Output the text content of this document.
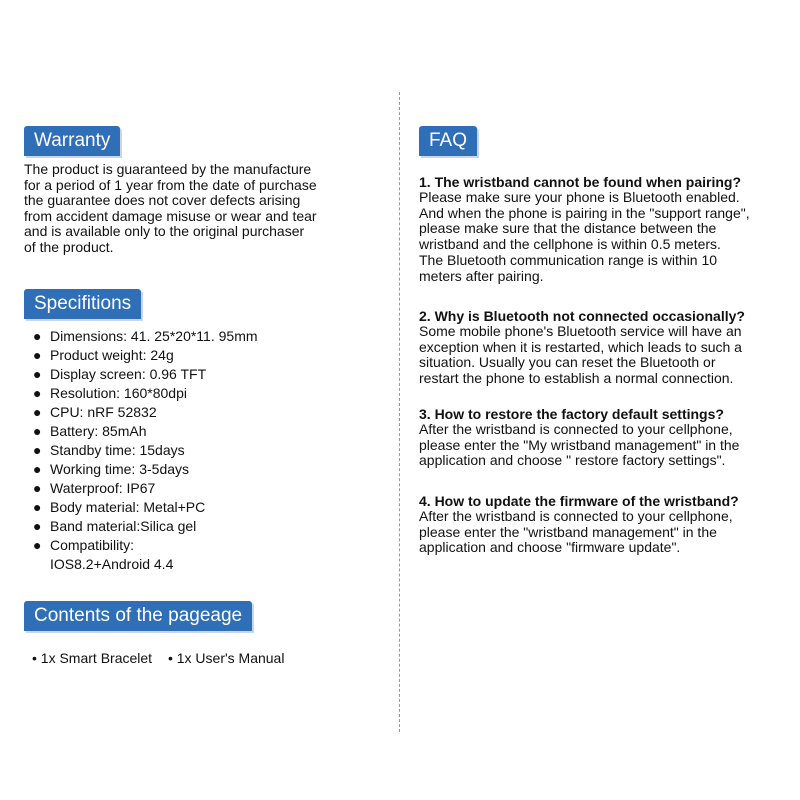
Warranty

The product is guaranteed by the manufacture
for a period of 1 year from the date of purchase
the guarantee does not cover defects arising
from accident damage misuse or wear and tear
and is available only to the original purchaser
of the product.

Specifitions
● Dimensions: 41. 25*20*11. 95mm
● Product weight: 24g
● Display screen: 0.96 TFT
● Resolution: 160*80dpi
● CPU: nRF 52832
● Battery: 85mAh
● Standby time: 15days
● Working time: 3-5days
● Waterproof: IP67
● Body material: Metal+PC
● Band material:Silica gel
● Compatibility:
IOS8.2+Android 4.4
Contents of the pageage
• 1x Smart Bracelet • 1x User's Manual
FAQ

1. The wristband cannot be found when pairing?

Please make sure your phone is Bluetooth enabled.
And when the phone is pairing in the "support range",
please make sure that the distance between the
wristband and the cellphone is within 0.5 meters.
The Bluetooth communication range is within 10
meters after pairing.

2. Why is Bluetooth not connected occasionally?

Some mobile phone's Bluetooth service will have an
exception when it is restarted, which leads to such a
situation. Usually you can reset the Bluetooth or
restart the phone to establish a normal connection.

3. How to restore the factory default settings?

After the wristband is connected to your cellphone,
please enter the "My wristband management" in the
application and choose " restore factory settings".

4. How to update the firmware of the wristband?

After the wristband is connected to your cellphone,
please enter the "wristband management" in the
application and choose "firmware update".
